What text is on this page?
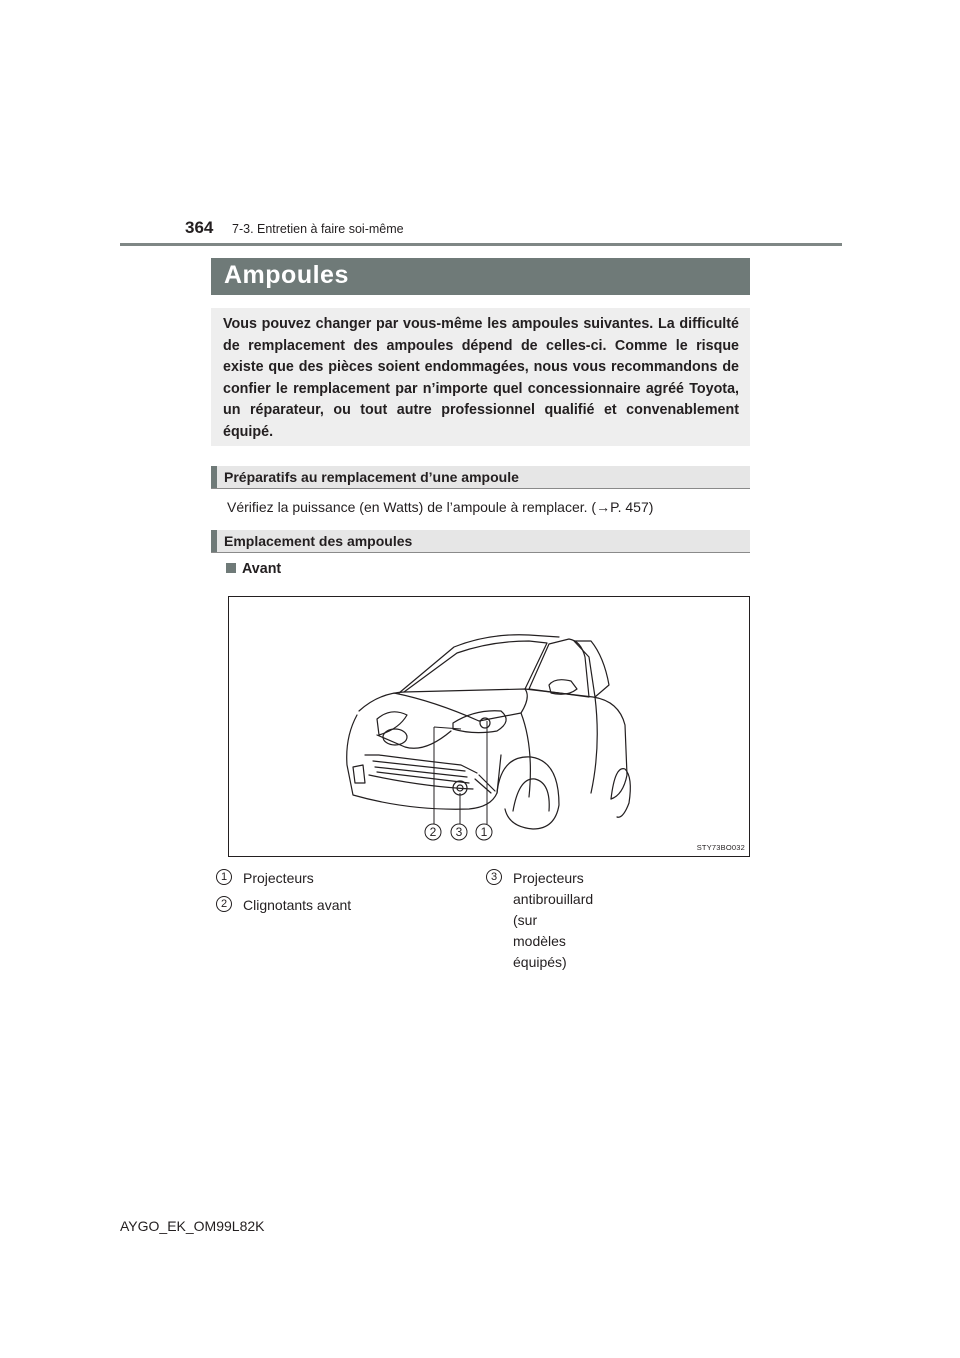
364 7-3. Entretien à faire soi-même
Ampoules

Vous pouvez changer par vous-même les ampoules suivantes. La difficulté de remplacement des ampoules dépend de celles-ci. Comme le risque existe que des pièces soient endommagées, nous vous recommandons de confier le remplacement par n’importe quel concessionnaire agréé Toyota, un réparateur, ou tout autre professionnel qualifié et convenablement équipé.

Préparatifs au remplacement d’une ampoule
Vérifiez la puissance (en Watts) de l’ampoule à remplacer. (→P. 457)
Emplacement des ampoules
Avant
2 3 1
STY73BO032
1	Projecteurs
2	Clignotants avant
3	Projecteurs antibrouillard
(sur modèles équipés)
AYGO_EK_OM99L82K
